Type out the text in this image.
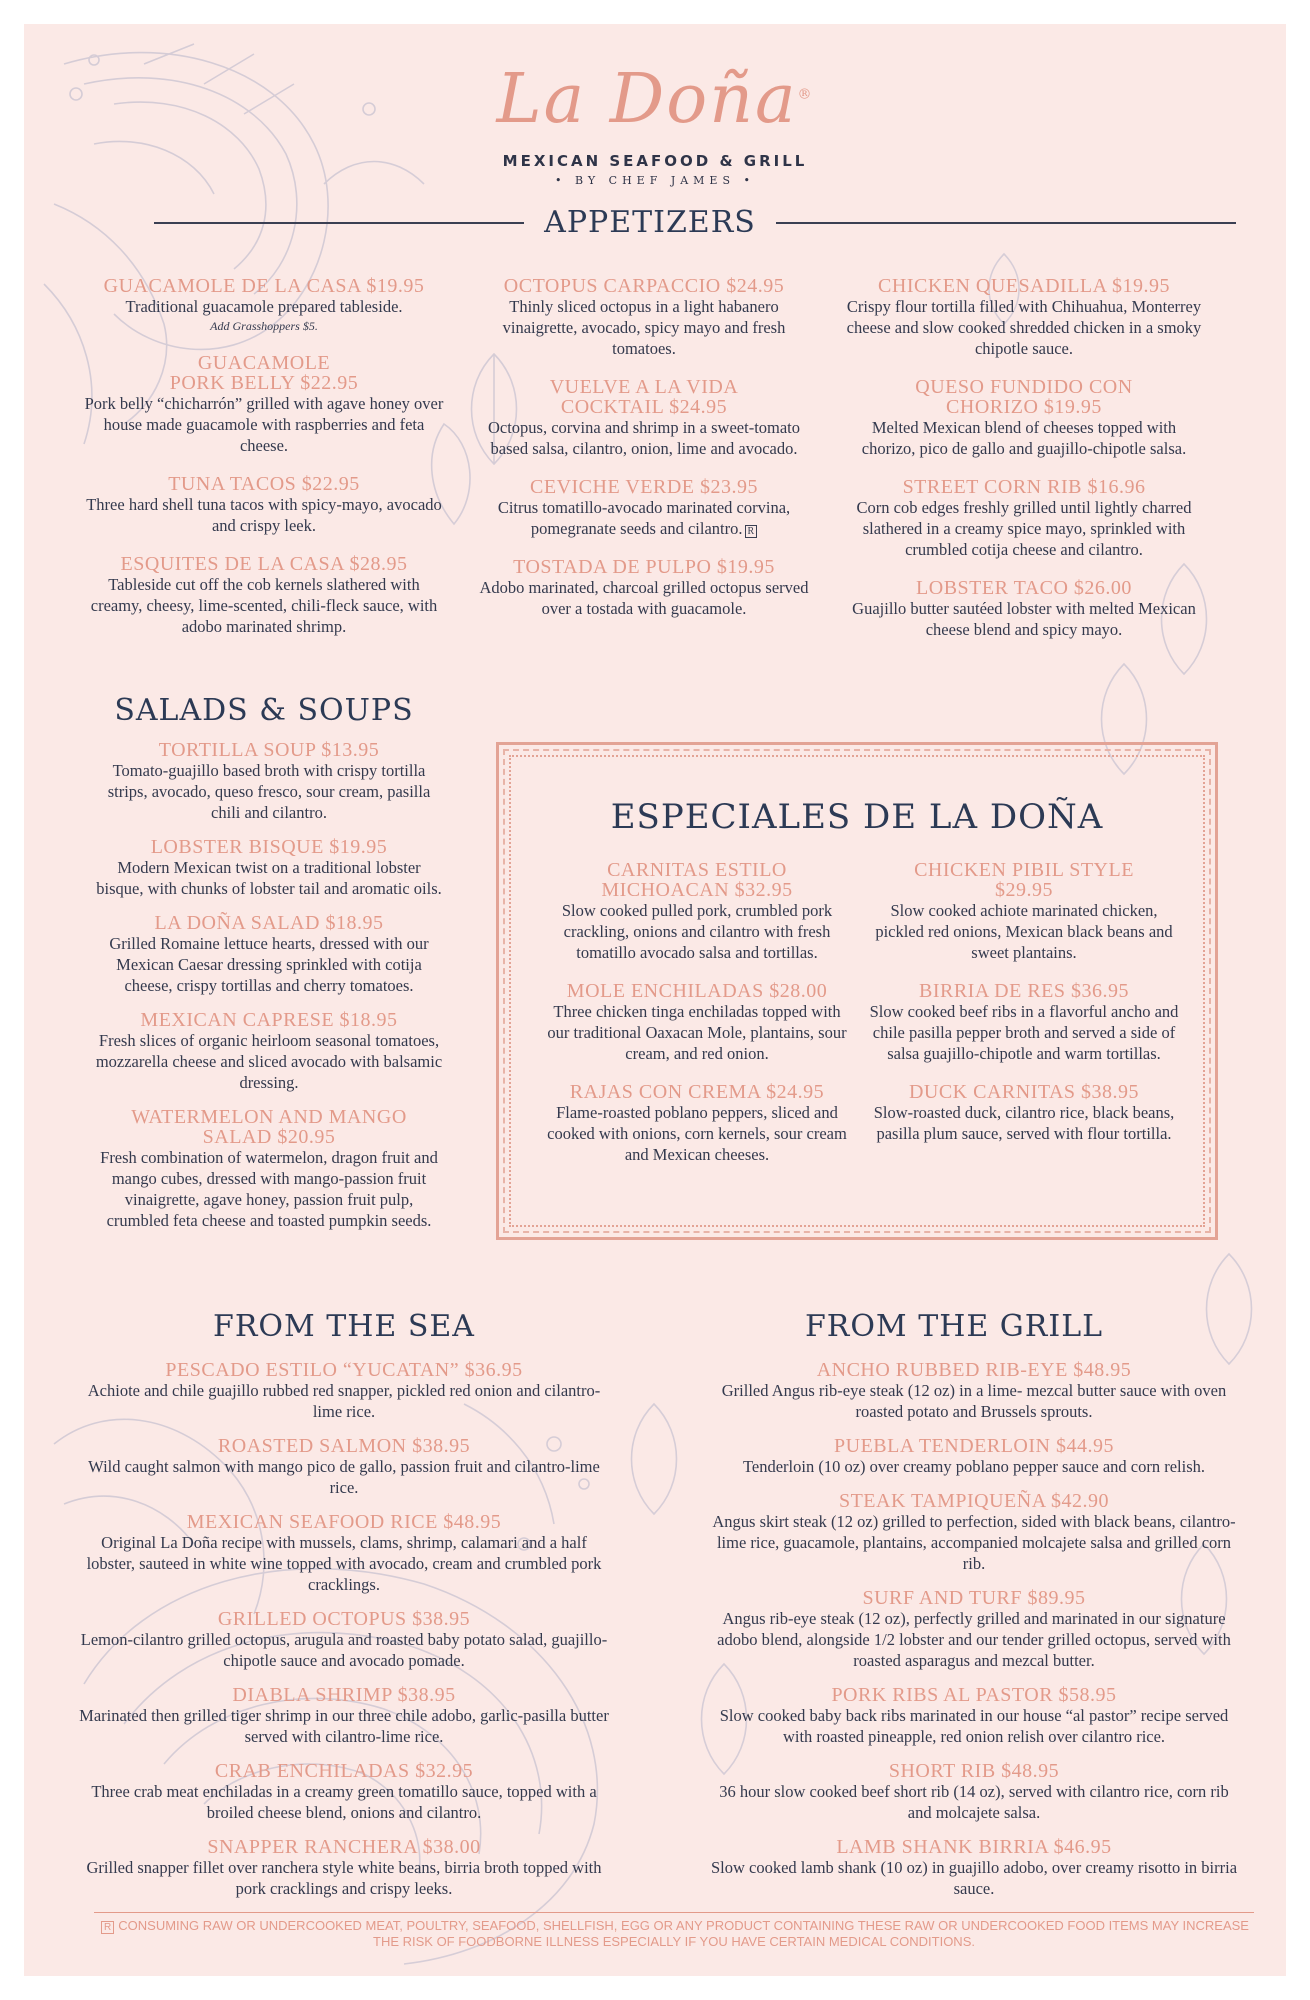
La Doña®
MEXICAN SEAFOOD & GRILL
• BY CHEF JAMES •
APPETIZERS
GUACAMOLE DE LA CASA $19.95
Traditional guacamole prepared tableside.
Add Grasshoppers $5.
GUACAMOLE
PORK BELLY $22.95
Pork belly “chicharrón” grilled with agave honey over house made guacamole with raspberries and feta cheese.
TUNA TACOS $22.95
Three hard shell tuna tacos with spicy-mayo, avocado and crispy leek.
ESQUITES DE LA CASA $28.95
Tableside cut off the cob kernels slathered with creamy, cheesy, lime-scented, chili-fleck sauce, with adobo marinated shrimp.
OCTOPUS CARPACCIO $24.95
Thinly sliced octopus in a light habanero vinaigrette, avocado, spicy mayo and fresh tomatoes.
VUELVE A LA VIDA
COCKTAIL $24.95
Octopus, corvina and shrimp in a sweet-tomato based salsa, cilantro, onion, lime and avocado.
CEVICHE VERDE $23.95
Citrus tomatillo-avocado marinated corvina, pomegranate seeds and cilantro. R
TOSTADA DE PULPO $19.95
Adobo marinated, charcoal grilled octopus served over a tostada with guacamole.
CHICKEN QUESADILLA $19.95
Crispy flour tortilla filled with Chihuahua, Monterrey cheese and slow cooked shredded chicken in a smoky chipotle sauce.
QUESO FUNDIDO CON
CHORIZO $19.95
Melted Mexican blend of cheeses topped with chorizo, pico de gallo and guajillo-chipotle salsa.
STREET CORN RIB $16.96
Corn cob edges freshly grilled until lightly charred slathered in a creamy spice mayo, sprinkled with crumbled cotija cheese and cilantro.
LOBSTER TACO $26.00
Guajillo butter sautéed lobster with melted Mexican cheese blend and spicy mayo.
SALADS & SOUPS
TORTILLA SOUP $13.95
Tomato-guajillo based broth with crispy tortilla strips, avocado, queso fresco, sour cream, pasilla chili and cilantro.
LOBSTER BISQUE $19.95
Modern Mexican twist on a traditional lobster bisque, with chunks of lobster tail and aromatic oils.
LA DOÑA SALAD $18.95
Grilled Romaine lettuce hearts, dressed with our Mexican Caesar dressing sprinkled with cotija cheese, crispy tortillas and cherry tomatoes.
MEXICAN CAPRESE $18.95
Fresh slices of organic heirloom seasonal tomatoes, mozzarella cheese and sliced avocado with balsamic dressing.
WATERMELON AND MANGO
SALAD $20.95
Fresh combination of watermelon, dragon fruit and mango cubes, dressed with mango-passion fruit vinaigrette, agave honey, passion fruit pulp, crumbled feta cheese and toasted pumpkin seeds.
ESPECIALES DE LA DOÑA
CARNITAS ESTILO
MICHOACAN $32.95
Slow cooked pulled pork, crumbled pork crackling, onions and cilantro with fresh tomatillo avocado salsa and tortillas.
MOLE ENCHILADAS $28.00
Three chicken tinga enchiladas topped with our traditional Oaxacan Mole, plantains, sour cream, and red onion.
RAJAS CON CREMA $24.95
Flame-roasted poblano peppers, sliced and cooked with onions, corn kernels, sour cream and Mexican cheeses.
CHICKEN PIBIL STYLE
$29.95
Slow cooked achiote marinated chicken, pickled red onions, Mexican black beans and sweet plantains.
BIRRIA DE RES $36.95
Slow cooked beef ribs in a flavorful ancho and chile pasilla pepper broth and served a side of salsa guajillo-chipotle and warm tortillas.
DUCK CARNITAS $38.95
Slow-roasted duck, cilantro rice, black beans, pasilla plum sauce, served with flour tortilla.
FROM THE SEA
PESCADO ESTILO “YUCATAN” $36.95
Achiote and chile guajillo rubbed red snapper, pickled red onion and cilantro-lime rice.
ROASTED SALMON $38.95
Wild caught salmon with mango pico de gallo, passion fruit and cilantro-lime rice.
MEXICAN SEAFOOD RICE $48.95
Original La Doña recipe with mussels, clams, shrimp, calamari and a half lobster, sauteed in white wine topped with avocado, cream and crumbled pork cracklings.
GRILLED OCTOPUS $38.95
Lemon-cilantro grilled octopus, arugula and roasted baby potato salad, guajillo-chipotle sauce and avocado pomade.
DIABLA SHRIMP $38.95
Marinated then grilled tiger shrimp in our three chile adobo, garlic-pasilla butter served with cilantro-lime rice.
CRAB ENCHILADAS $32.95
Three crab meat enchiladas in a creamy green tomatillo sauce, topped with a broiled cheese blend, onions and cilantro.
SNAPPER RANCHERA $38.00
Grilled snapper fillet over ranchera style white beans, birria broth topped with pork cracklings and crispy leeks.
FROM THE GRILL
ANCHO RUBBED RIB-EYE $48.95
Grilled Angus rib-eye steak (12 oz) in a lime- mezcal butter sauce with oven roasted potato and Brussels sprouts.
PUEBLA TENDERLOIN $44.95
Tenderloin (10 oz) over creamy poblano pepper sauce and corn relish.
STEAK TAMPIQUEÑA $42.90
Angus skirt steak (12 oz) grilled to perfection, sided with black beans, cilantro-lime rice, guacamole, plantains, accompanied molcajete salsa and grilled corn rib.
SURF AND TURF $89.95
Angus rib-eye steak (12 oz), perfectly grilled and marinated in our signature adobo blend, alongside 1/2 lobster and our tender grilled octopus, served with roasted asparagus and mezcal butter.
PORK RIBS AL PASTOR $58.95
Slow cooked baby back ribs marinated in our house “al pastor” recipe served with roasted pineapple, red onion relish over cilantro rice.
SHORT RIB $48.95
36 hour slow cooked beef short rib (14 oz), served with cilantro rice, corn rib and molcajete salsa.
LAMB SHANK BIRRIA $46.95
Slow cooked lamb shank (10 oz) in guajillo adobo, over creamy risotto in birria sauce.
R CONSUMING RAW OR UNDERCOOKED MEAT, POULTRY, SEAFOOD, SHELLFISH, EGG OR ANY PRODUCT CONTAINING THESE RAW OR UNDERCOOKED FOOD ITEMS MAY INCREASE THE RISK OF FOODBORNE ILLNESS ESPECIALLY IF YOU HAVE CERTAIN MEDICAL CONDITIONS.
